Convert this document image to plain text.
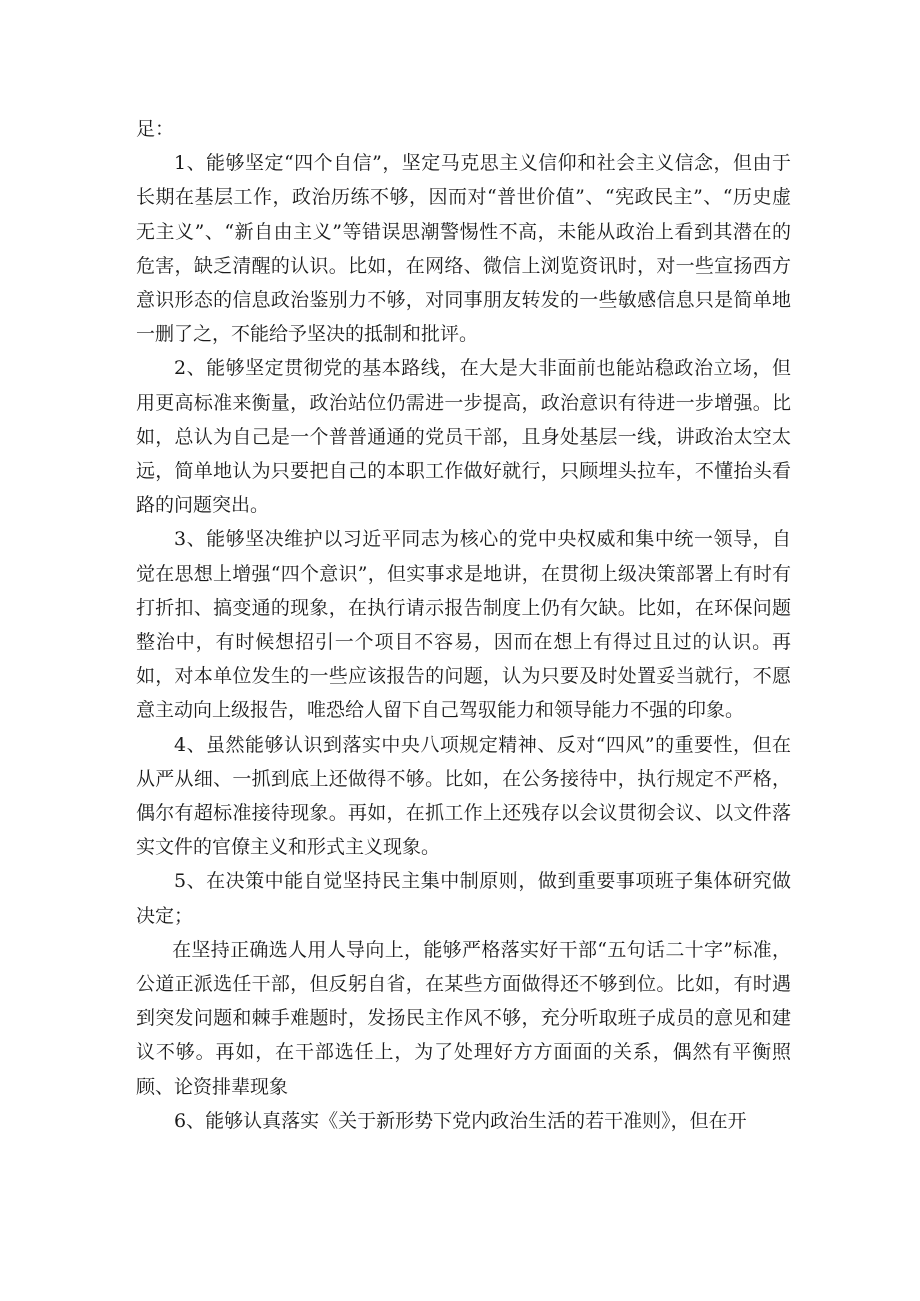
足：

1、能够坚定“四个自信”，坚定马克思主义信仰和社会主义信念，但由于长期在基层工作，政治历练不够，因而对“普世价值”、“宪政民主”、“历史虚无主义”、“新自由主义”等错误思潮警惕性不高，未能从政治上看到其潜在的危害，缺乏清醒的认识。比如，在网络、微信上浏览资讯时，对一些宣扬西方意识形态的信息政治鉴别力不够，对同事朋友转发的一些敏感信息只是简单地一删了之，不能给予坚决的抵制和批评。

2、能够坚定贯彻党的基本路线，在大是大非面前也能站稳政治立场，但用更高标准来衡量，政治站位仍需进一步提高，政治意识有待进一步增强。比如，总认为自己是一个普普通通的党员干部，且身处基层一线，讲政治太空太远，简单地认为只要把自己的本职工作做好就行，只顾埋头拉车，不懂抬头看路的问题突出。

3、能够坚决维护以习近平同志为核心的党中央权威和集中统一领导，自觉在思想上增强“四个意识”，但实事求是地讲，在贯彻上级决策部署上有时有打折扣、搞变通的现象，在执行请示报告制度上仍有欠缺。比如，在环保问题整治中，有时候想招引一个项目不容易，因而在想上有得过且过的认识。再如，对本单位发生的一些应该报告的问题，认为只要及时处置妥当就行，不愿意主动向上级报告，唯恐给人留下自己驾驭能力和领导能力不强的印象。

4、虽然能够认识到落实中央八项规定精神、反对“四风”的重要性，但在从严从细、一抓到底上还做得不够。比如，在公务接待中，执行规定不严格，偶尔有超标准接待现象。再如，在抓工作上还残存以会议贯彻会议、以文件落实文件的官僚主义和形式主义现象。

5、在决策中能自觉坚持民主集中制原则，做到重要事项班子集体研究做决定；

在坚持正确选人用人导向上，能够严格落实好干部“五句话二十字”标准，公道正派选任干部，但反躬自省，在某些方面做得还不够到位。比如，有时遇到突发问题和棘手难题时，发扬民主作风不够，充分听取班子成员的意见和建议不够。再如，在干部选任上，为了处理好方方面面的关系，偶然有平衡照顾、论资排辈现象

6、能够认真落实《关于新形势下党内政治生活的若干准则》，但在开
